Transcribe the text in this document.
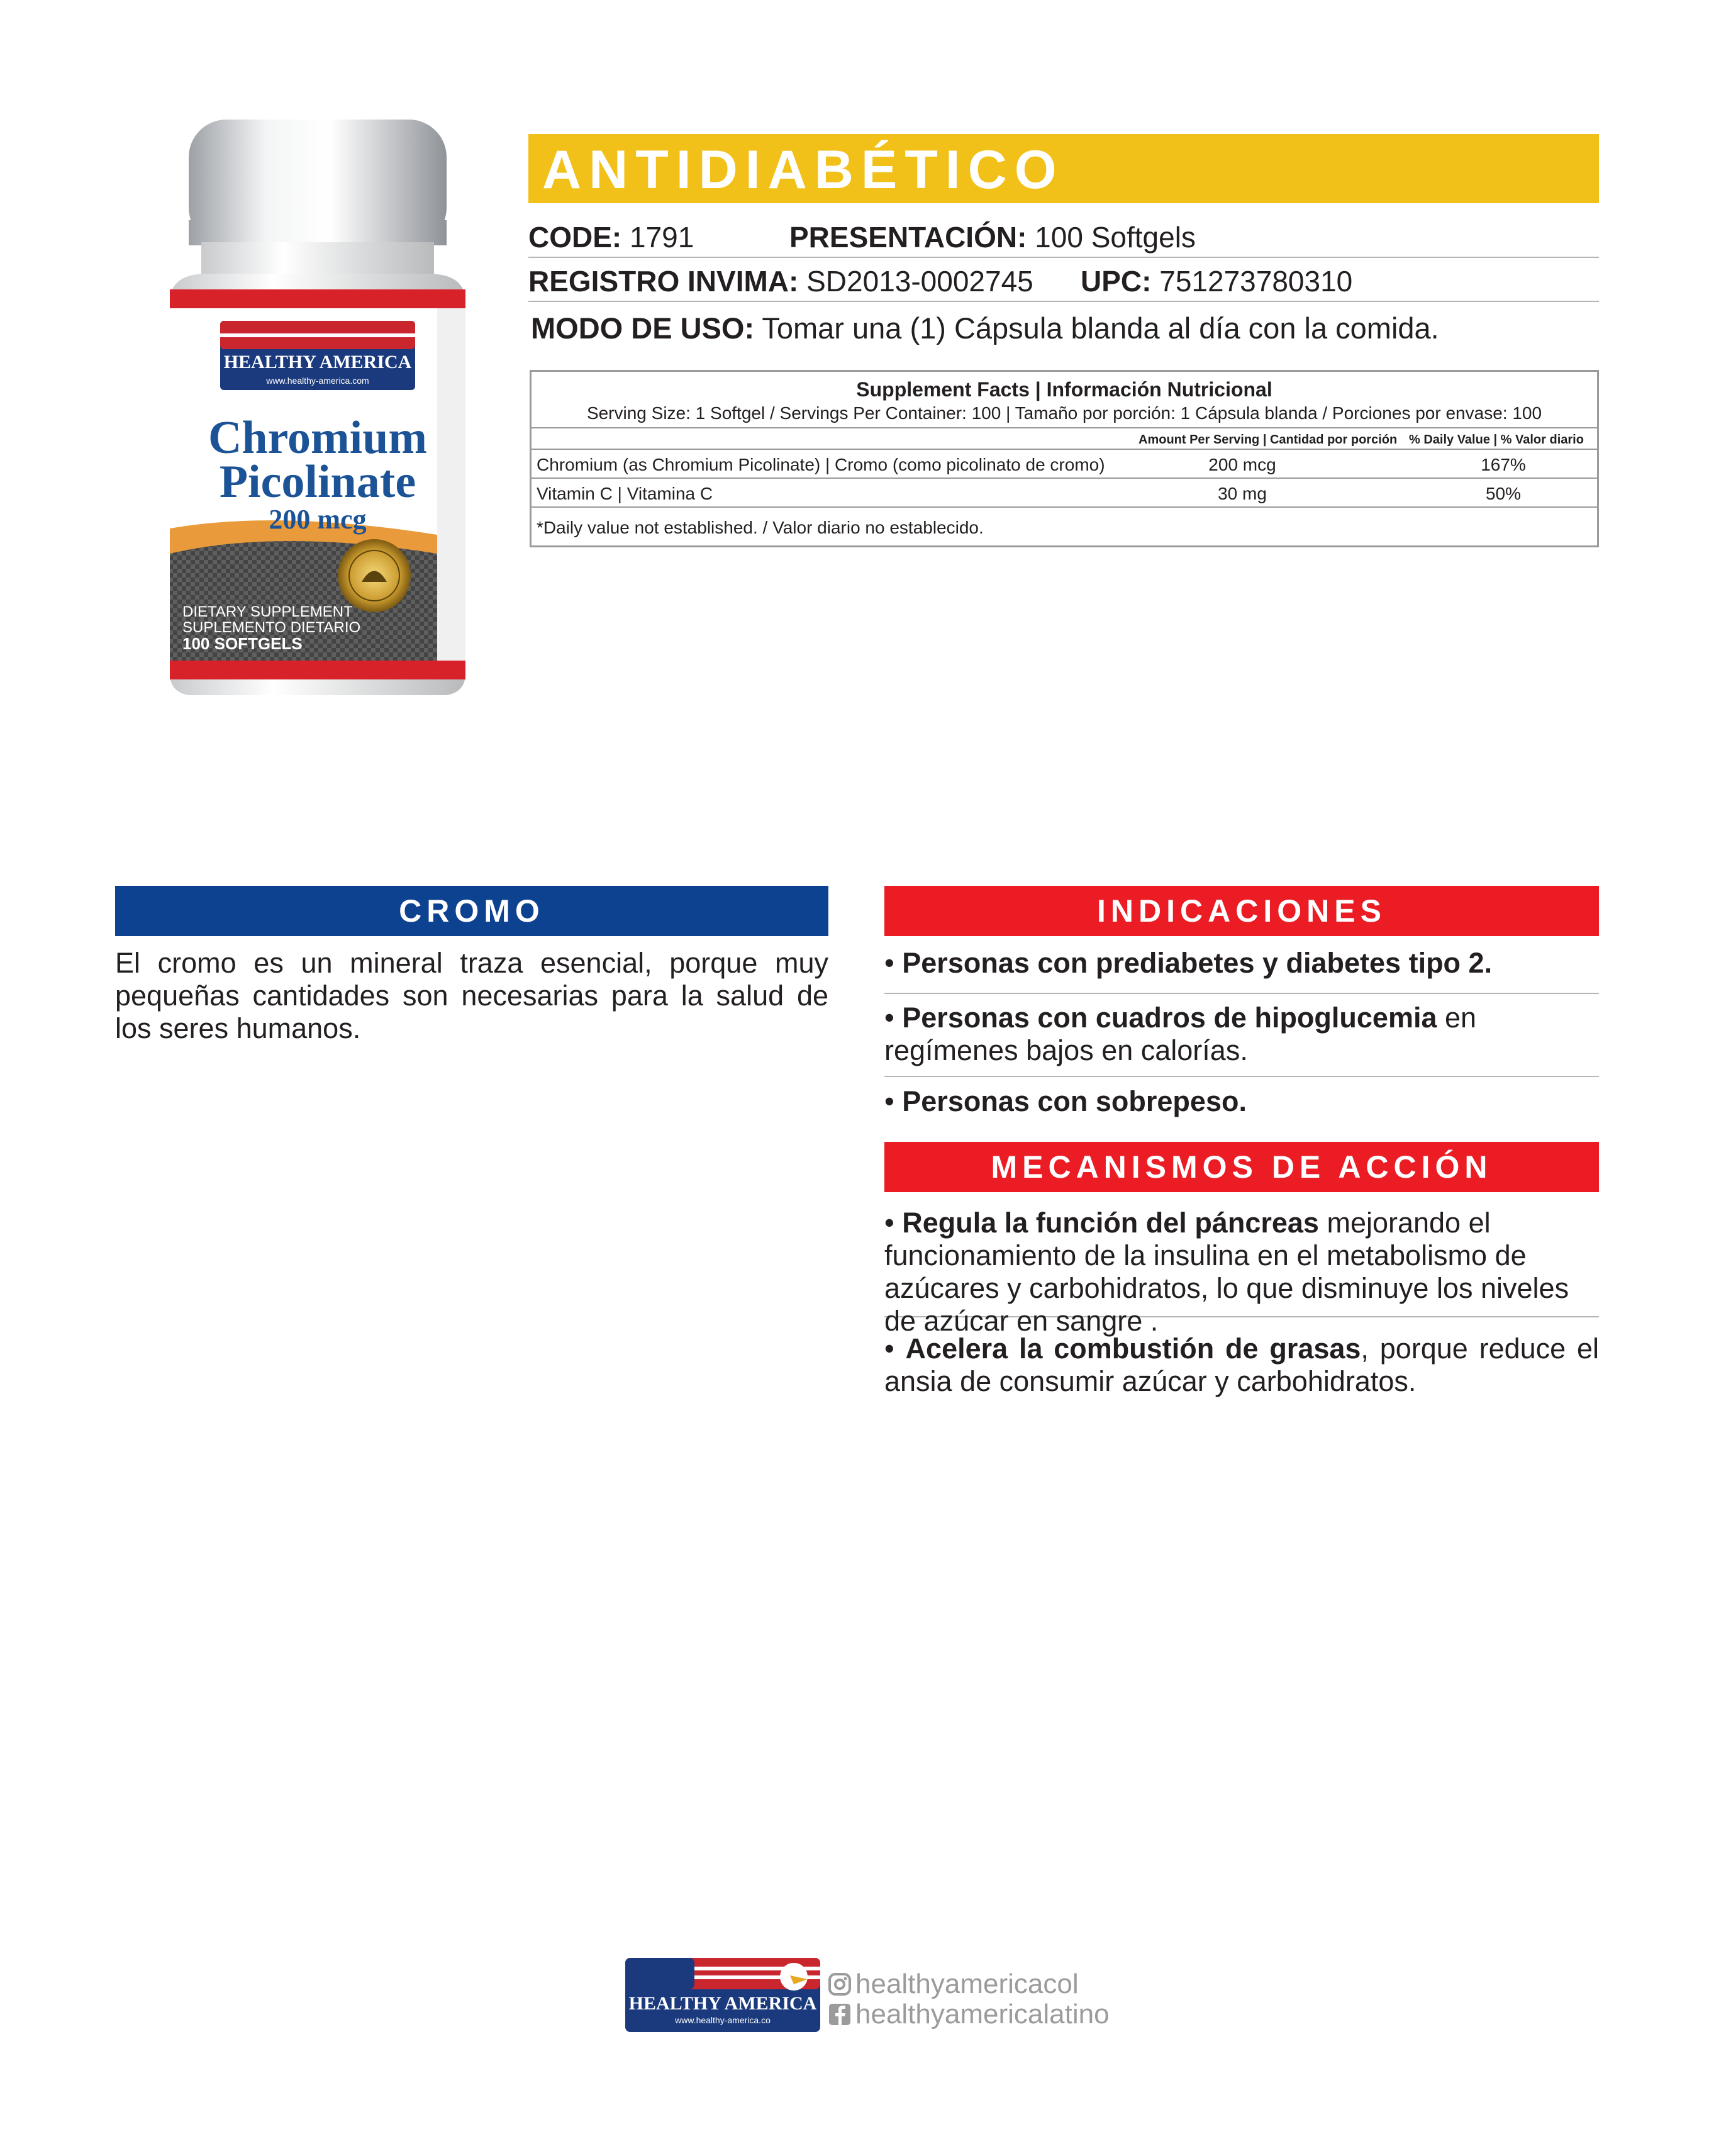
HEALTHY AMERICA
www.healthy-america.com
Chromium
Picolinate
200 mcg
DIETARY SUPPLEMENT
SUPLEMENTO DIETARIO
100 SOFTGELS
ANTIDIABÉTICO
CODE: 1791	PRESENTACIÓN: 100 Softgels
REGISTRO INVIMA: SD2013-0002745 UPC: 751273780310
MODO DE USO: Tomar una (1) Cápsula blanda al día con la comida.
Supplement Facts | Información Nutricional
Serving Size: 1 Softgel / Servings Per Container: 100 | Tamaño por porción: 1 Cápsula blanda / Porciones por envase: 100
Amount Per Serving | Cantidad por porción % Daily Value | % Valor diario
Chromium (as Chromium Picolinate) | Cromo (como picolinato de cromo)	200 mcg	167%
Vitamin C | Vitamina C	30 mg	50%
*Daily value not established. / Valor diario no establecido.
CROMO
El cromo es un mineral traza esencial, porque muy pequeñas cantidades son necesarias para la salud de los seres humanos.
INDICACIONES
• Personas con prediabetes y diabetes tipo 2.
• Personas con cuadros de hipoglucemia en regímenes bajos en calorías.
• Personas con sobrepeso.
MECANISMOS DE ACCIÓN
• Regula la función del páncreas mejorando el funcionamiento de la insulina en el metabolismo de azúcares y carbohidratos, lo que disminuye los niveles de azúcar en sangre .
• Acelera la combustión de grasas, porque reduce el ansia de consumir azúcar y carbohidratos.
HEALTHY AMERICA
www.healthy-america.co
healthyamericacol
healthyamericalatino
